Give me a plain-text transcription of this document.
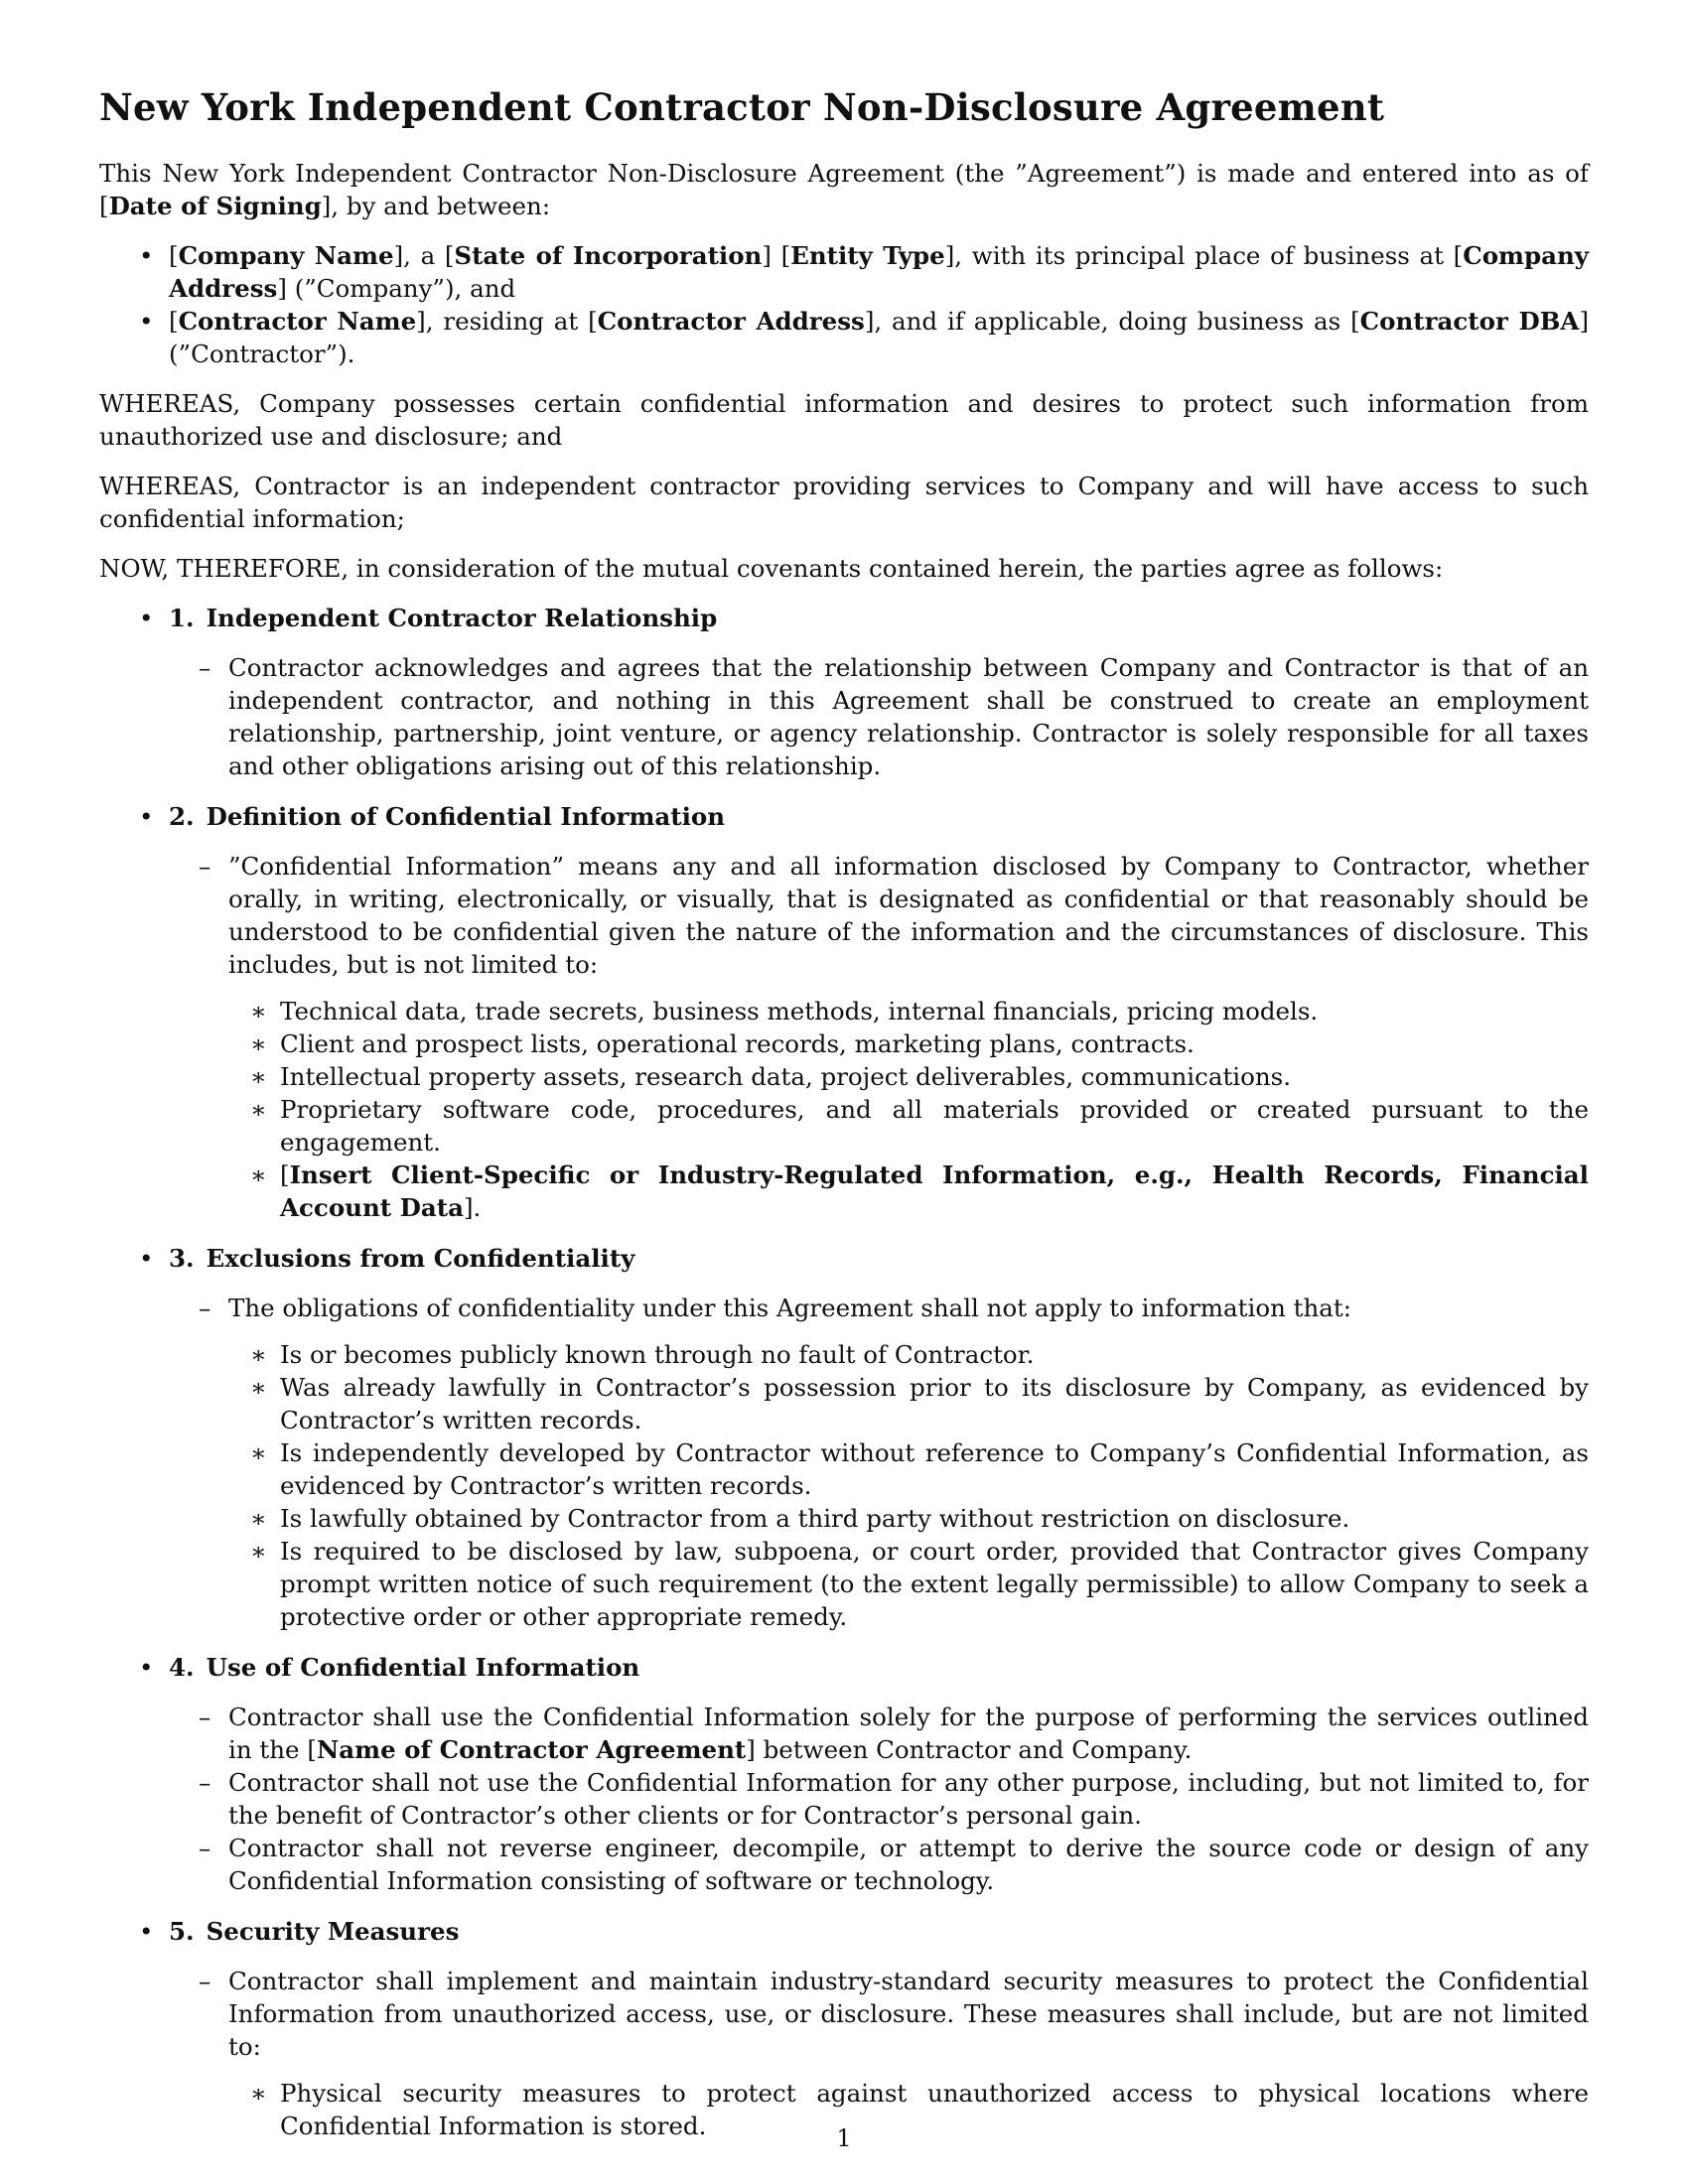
New York Independent Contractor Non-Disclosure Agreement

This New York Independent Contractor Non-Disclosure Agreement (the ”Agreement”) is made and entered into as of [Date of Signing], by and between:

• [Company Name], a [State of Incorporation] [Entity Type], with its principal place of business at [Company Address] (”Company”), and
• [Contractor Name], residing at [Contractor Address], and if applicable, doing business as [Contractor DBA] (”Contractor”).

WHEREAS, Company possesses certain confidential information and desires to protect such information from unauthorized use and disclosure; and

WHEREAS, Contractor is an independent contractor providing services to Company and will have access to such confidential information;

NOW, THEREFORE, in consideration of the mutual covenants contained herein, the parties agree as follows:

• 1. Independent Contractor Relationship
– Contractor acknowledges and agrees that the relationship between Company and Contractor is that of an independent contractor, and nothing in this Agreement shall be construed to create an employment relationship, partnership, joint venture, or agency relationship. Contractor is solely responsible for all taxes and other obligations arising out of this relationship.
• 2. Definition of Confidential Information
– ”Confidential Information” means any and all information disclosed by Company to Contractor, whether orally, in writing, electronically, or visually, that is designated as confidential or that reasonably should be understood to be confidential given the nature of the information and the circumstances of disclosure. This includes, but is not limited to:
∗ Technical data, trade secrets, business methods, internal financials, pricing models.
∗ Client and prospect lists, operational records, marketing plans, contracts.
∗ Intellectual property assets, research data, project deliverables, communications.
∗ Proprietary software code, procedures, and all materials provided or created pursuant to the engagement.
∗ [Insert Client-Specific or Industry-Regulated Information, e.g., Health Records, Financial Account Data].
• 3. Exclusions from Confidentiality
– The obligations of confidentiality under this Agreement shall not apply to information that:
∗ Is or becomes publicly known through no fault of Contractor.
∗ Was already lawfully in Contractor’s possession prior to its disclosure by Company, as evidenced by Contractor’s written records.
∗ Is independently developed by Contractor without reference to Company’s Confidential Information, as evidenced by Contractor’s written records.
∗ Is lawfully obtained by Contractor from a third party without restriction on disclosure.
∗ Is required to be disclosed by law, subpoena, or court order, provided that Contractor gives Company prompt written notice of such requirement (to the extent legally permissible) to allow Company to seek a protective order or other appropriate remedy.
• 4. Use of Confidential Information
– Contractor shall use the Confidential Information solely for the purpose of performing the services outlined in the [Name of Contractor Agreement] between Contractor and Company.
– Contractor shall not use the Confidential Information for any other purpose, including, but not limited to, for the benefit of Contractor’s other clients or for Contractor’s personal gain.
– Contractor shall not reverse engineer, decompile, or attempt to derive the source code or design of any Confidential Information consisting of software or technology.
• 5. Security Measures
– Contractor shall implement and maintain industry-standard security measures to protect the Confidential Information from unauthorized access, use, or disclosure. These measures shall include, but are not limited to:
∗ Physical security measures to protect against unauthorized access to physical locations where Confidential Information is stored.	1
